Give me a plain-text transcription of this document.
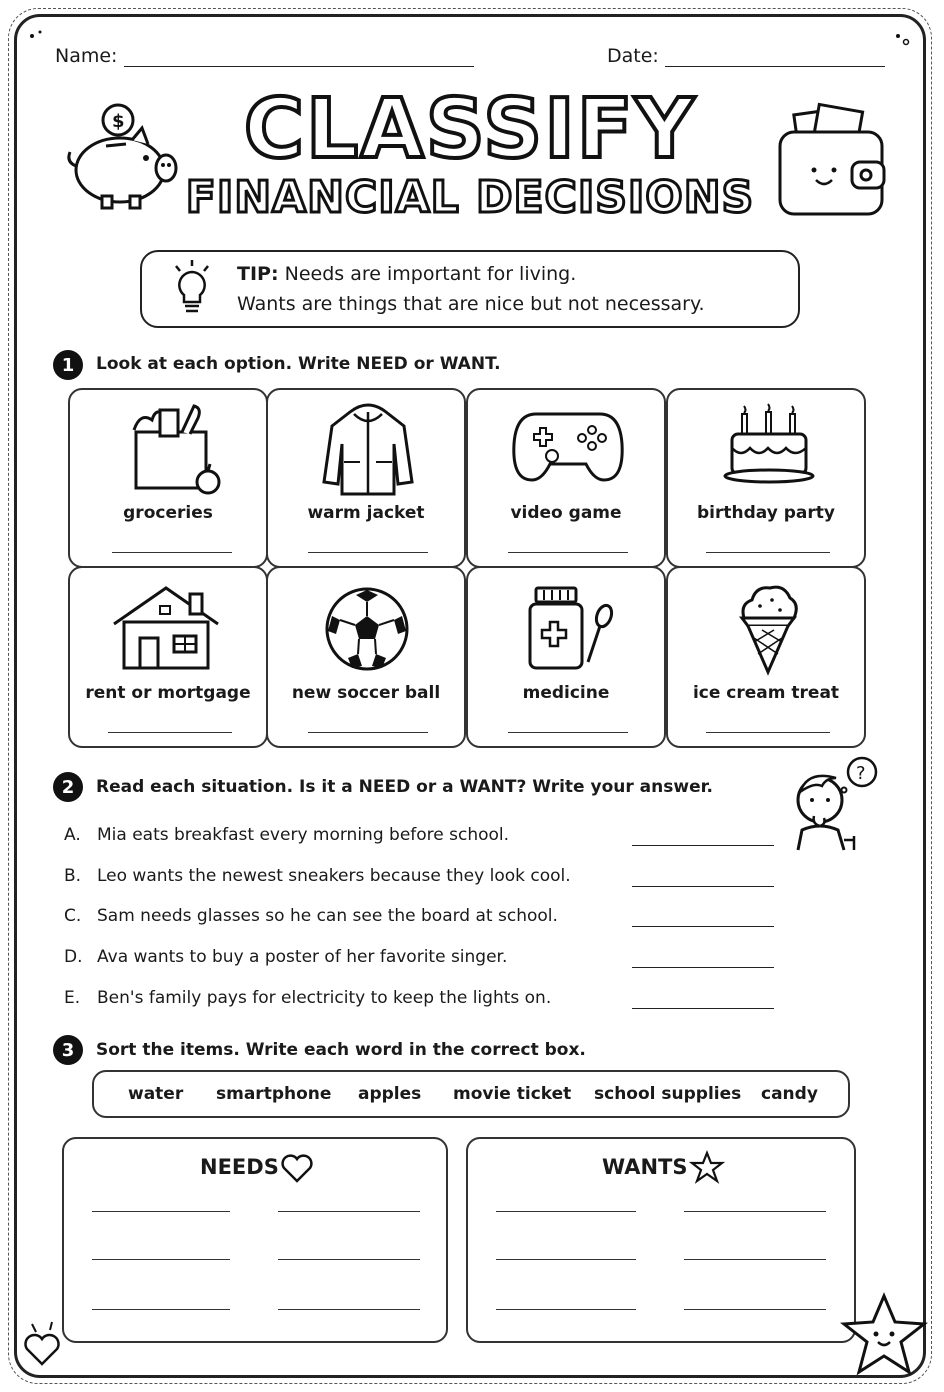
Name:	Date:
$	CLASSIFY
FINANCIAL DECISIONS
TIP: Needs are important for living.
Wants are things that are nice but not necessary.
1	Look at each option. Write NEED or WANT.
groceries	warm jacket	video game	birthday party
rent or mortgage	new soccer ball	medicine	ice cream treat
2	Read each situation. Is it a NEED or a WANT? Write your answer.
?
A. Mia eats breakfast every morning before school.
B. Leo wants the newest sneakers because they look cool.
C. Sam needs glasses so he can see the board at school.
D. Ava wants to buy a poster of her favorite singer.
E. Ben's family pays for electricity to keep the lights on.
3	Sort the items. Write each word in the correct box.
water smartphone apples movie ticket school supplies candy
NEEDS	WANTS
